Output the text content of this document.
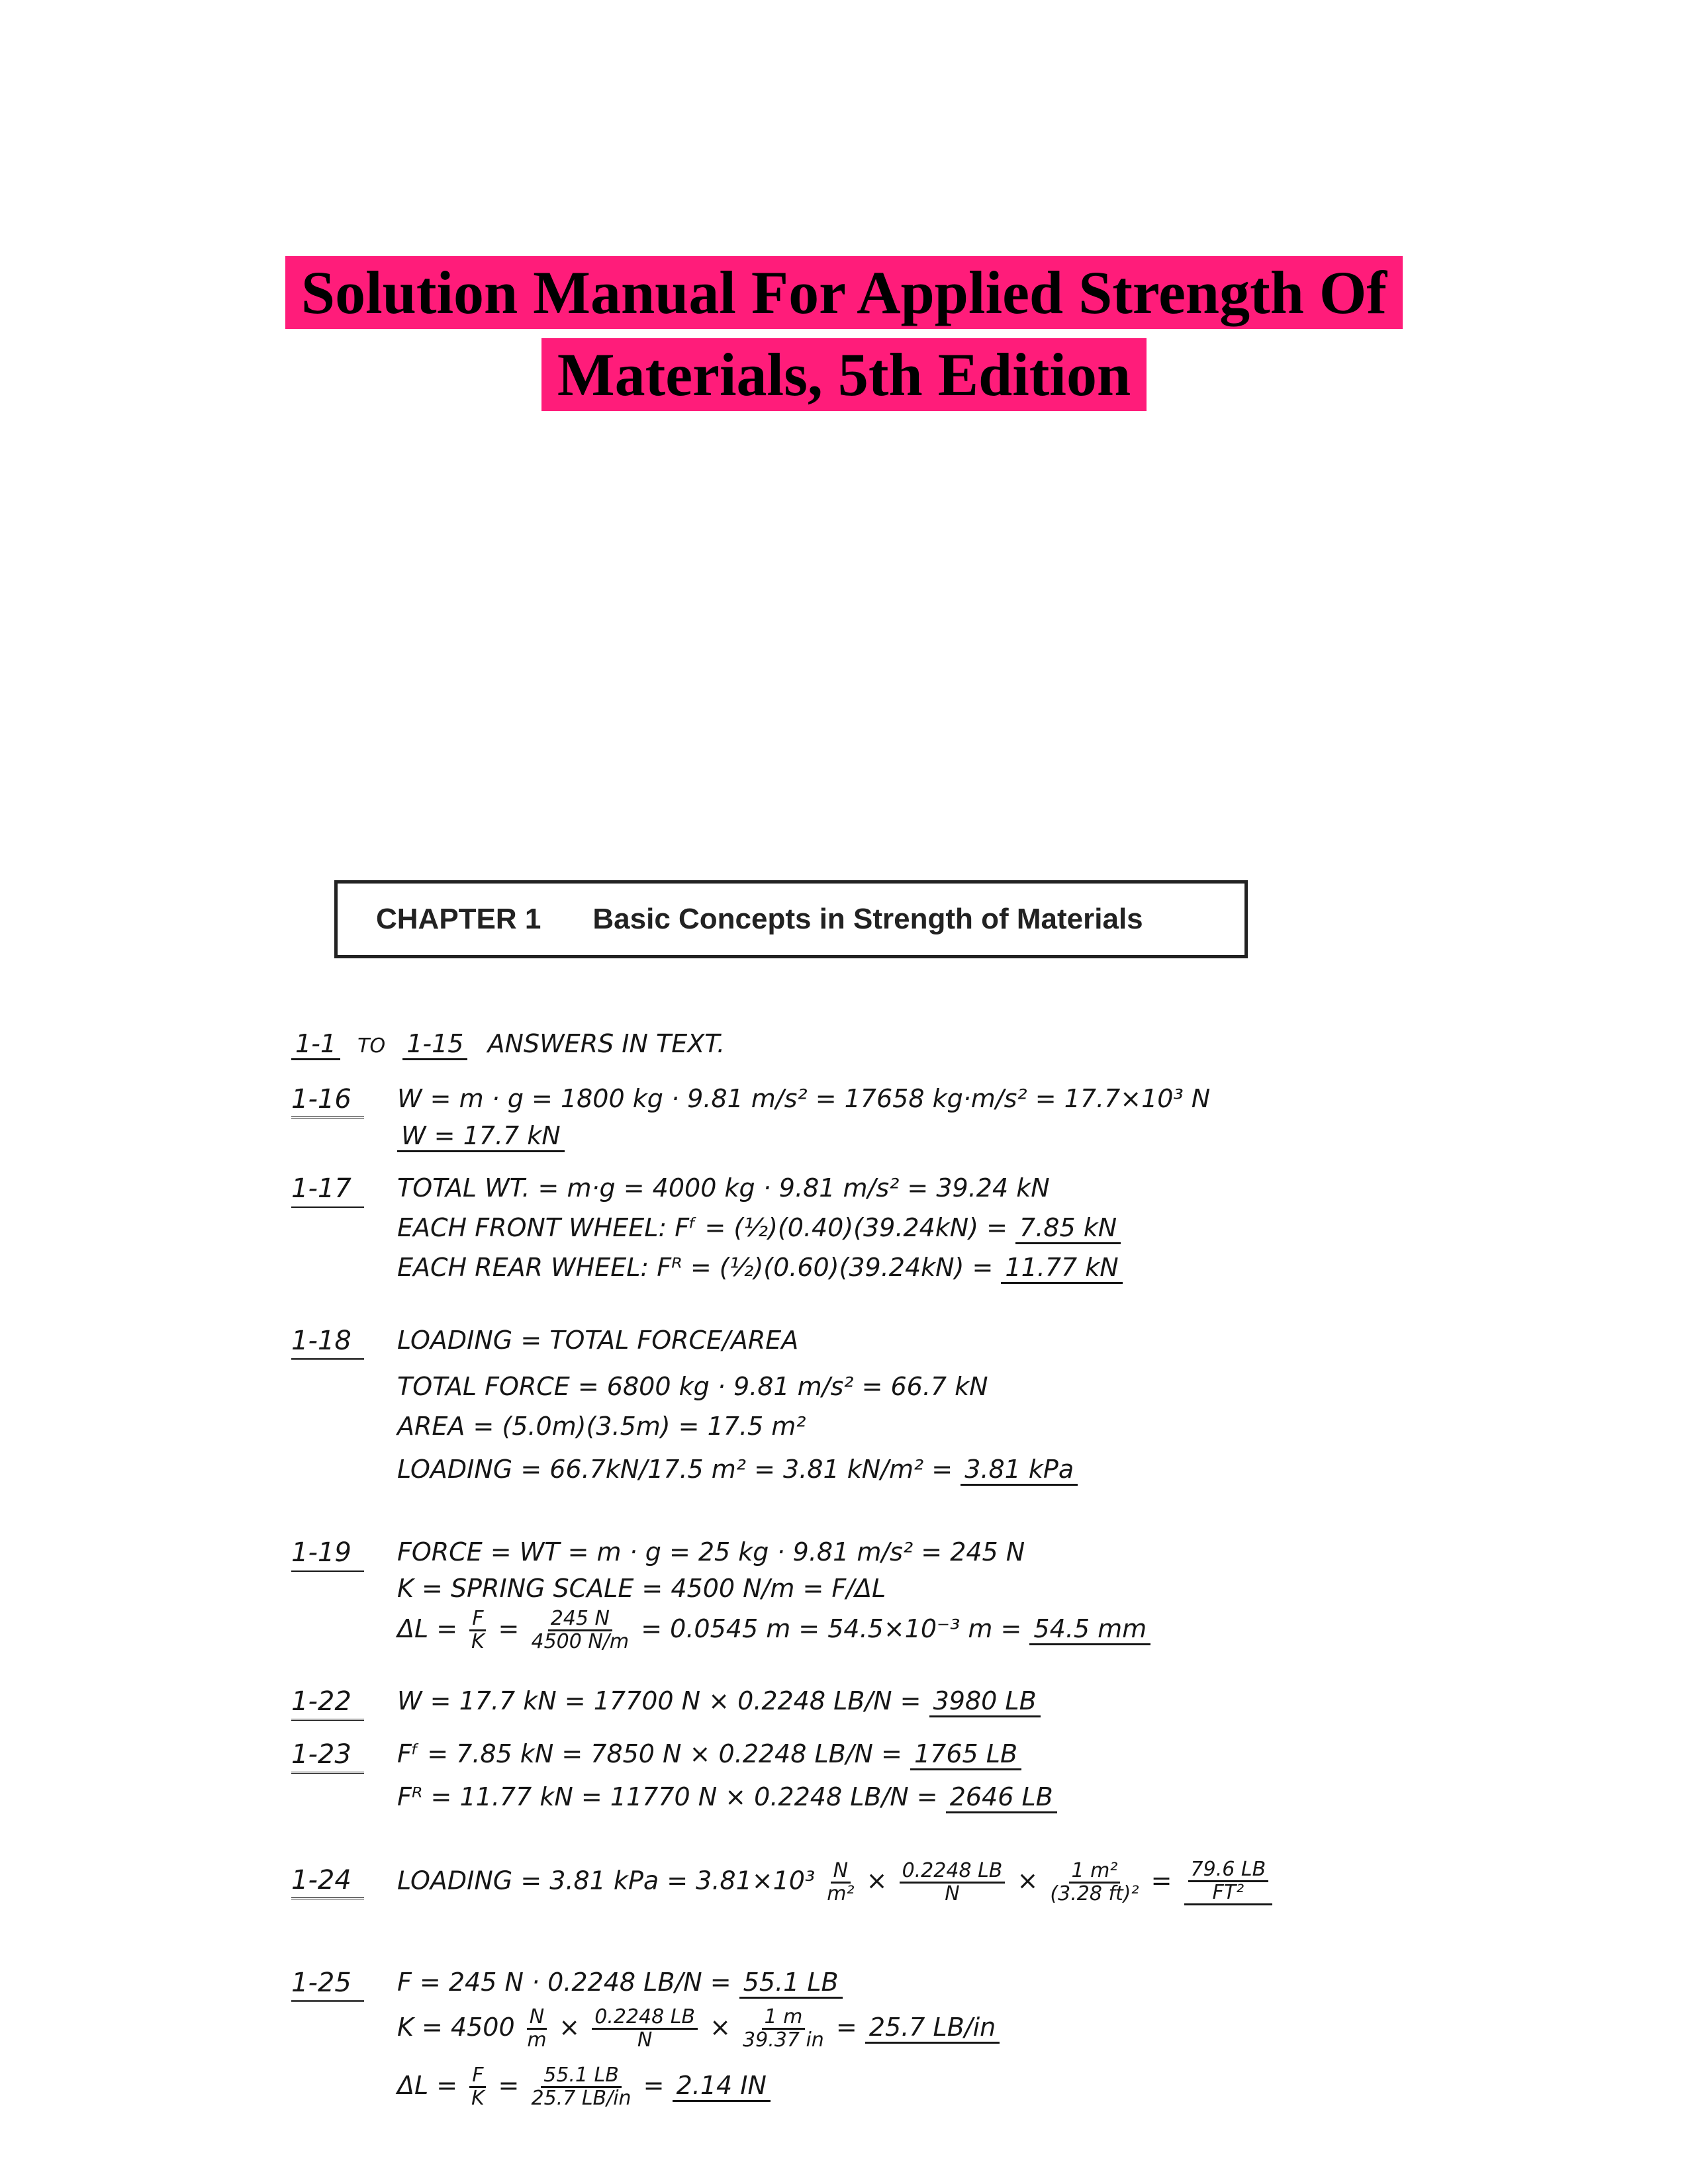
Solution Manual For Applied Strength Of
Materials, 5th Edition
CHAPTER 1 Basic Concepts in Strength of Materials
1-1 TO 1-15 ANSWERS IN TEXT.
1-16	W = m · g = 1800 kg · 9.81 m/s² = 17658 kg·m/s² = 17.7×10³ N
W = 17.7 kN
1-17	TOTAL WT. = m·g = 4000 kg · 9.81 m/s² = 39.24 kN
EACH FRONT WHEEL: Fᶠ = (½)(0.40)(39.24kN) = 7.85 kN
EACH REAR WHEEL: Fᴿ = (½)(0.60)(39.24kN) = 11.77 kN
1-18	LOADING = TOTAL FORCE/AREA
TOTAL FORCE = 6800 kg · 9.81 m/s² = 66.7 kN
AREA = (5.0m)(3.5m) = 17.5 m²
LOADING = 66.7kN/17.5 m² = 3.81 kN/m² = 3.81 kPa
1-19	FORCE = WT = m · g = 25 kg · 9.81 m/s² = 245 N
K = SPRING SCALE = 4500 N/m = F/ΔL
$\Delta L = \frac{F}{K} = \frac{245 N}{4500 N/m} = 0.0545$ m = 54.5×10⁻³ m = 54.5 mm
1-22	W = 17.7 kN = 17700 N × 0.2248 LB/N = 3980 LB
1-23	Fᶠ = 7.85 kN = 7850 N × 0.2248 LB/N = 1765 LB
Fᴿ = 11.77 kN = 11770 N × 0.2248 LB/N = 2646 LB
1-24	LOADING = 3.81 kPa = $3.81\times 10^3 \frac{N}{\text{m²}} \times \frac{0.2248 LB}{N} \times \frac{\text{1 m²}}{\text{(3.28 ft)²}} = \frac{79.6 LB}{\text{FT²}}$
1-25	F = 245 N · 0.2248 LB/N = 55.1 LB
$K = 4500 \frac{N}{m} \times \frac{0.2248 LB}{N} \times \frac{1 m}{39.37 in} = 25.7$ LB/in
$\Delta L = \frac{F}{K} = \frac{55.1 LB}{25.7 LB/in} = 2.14$ IN
